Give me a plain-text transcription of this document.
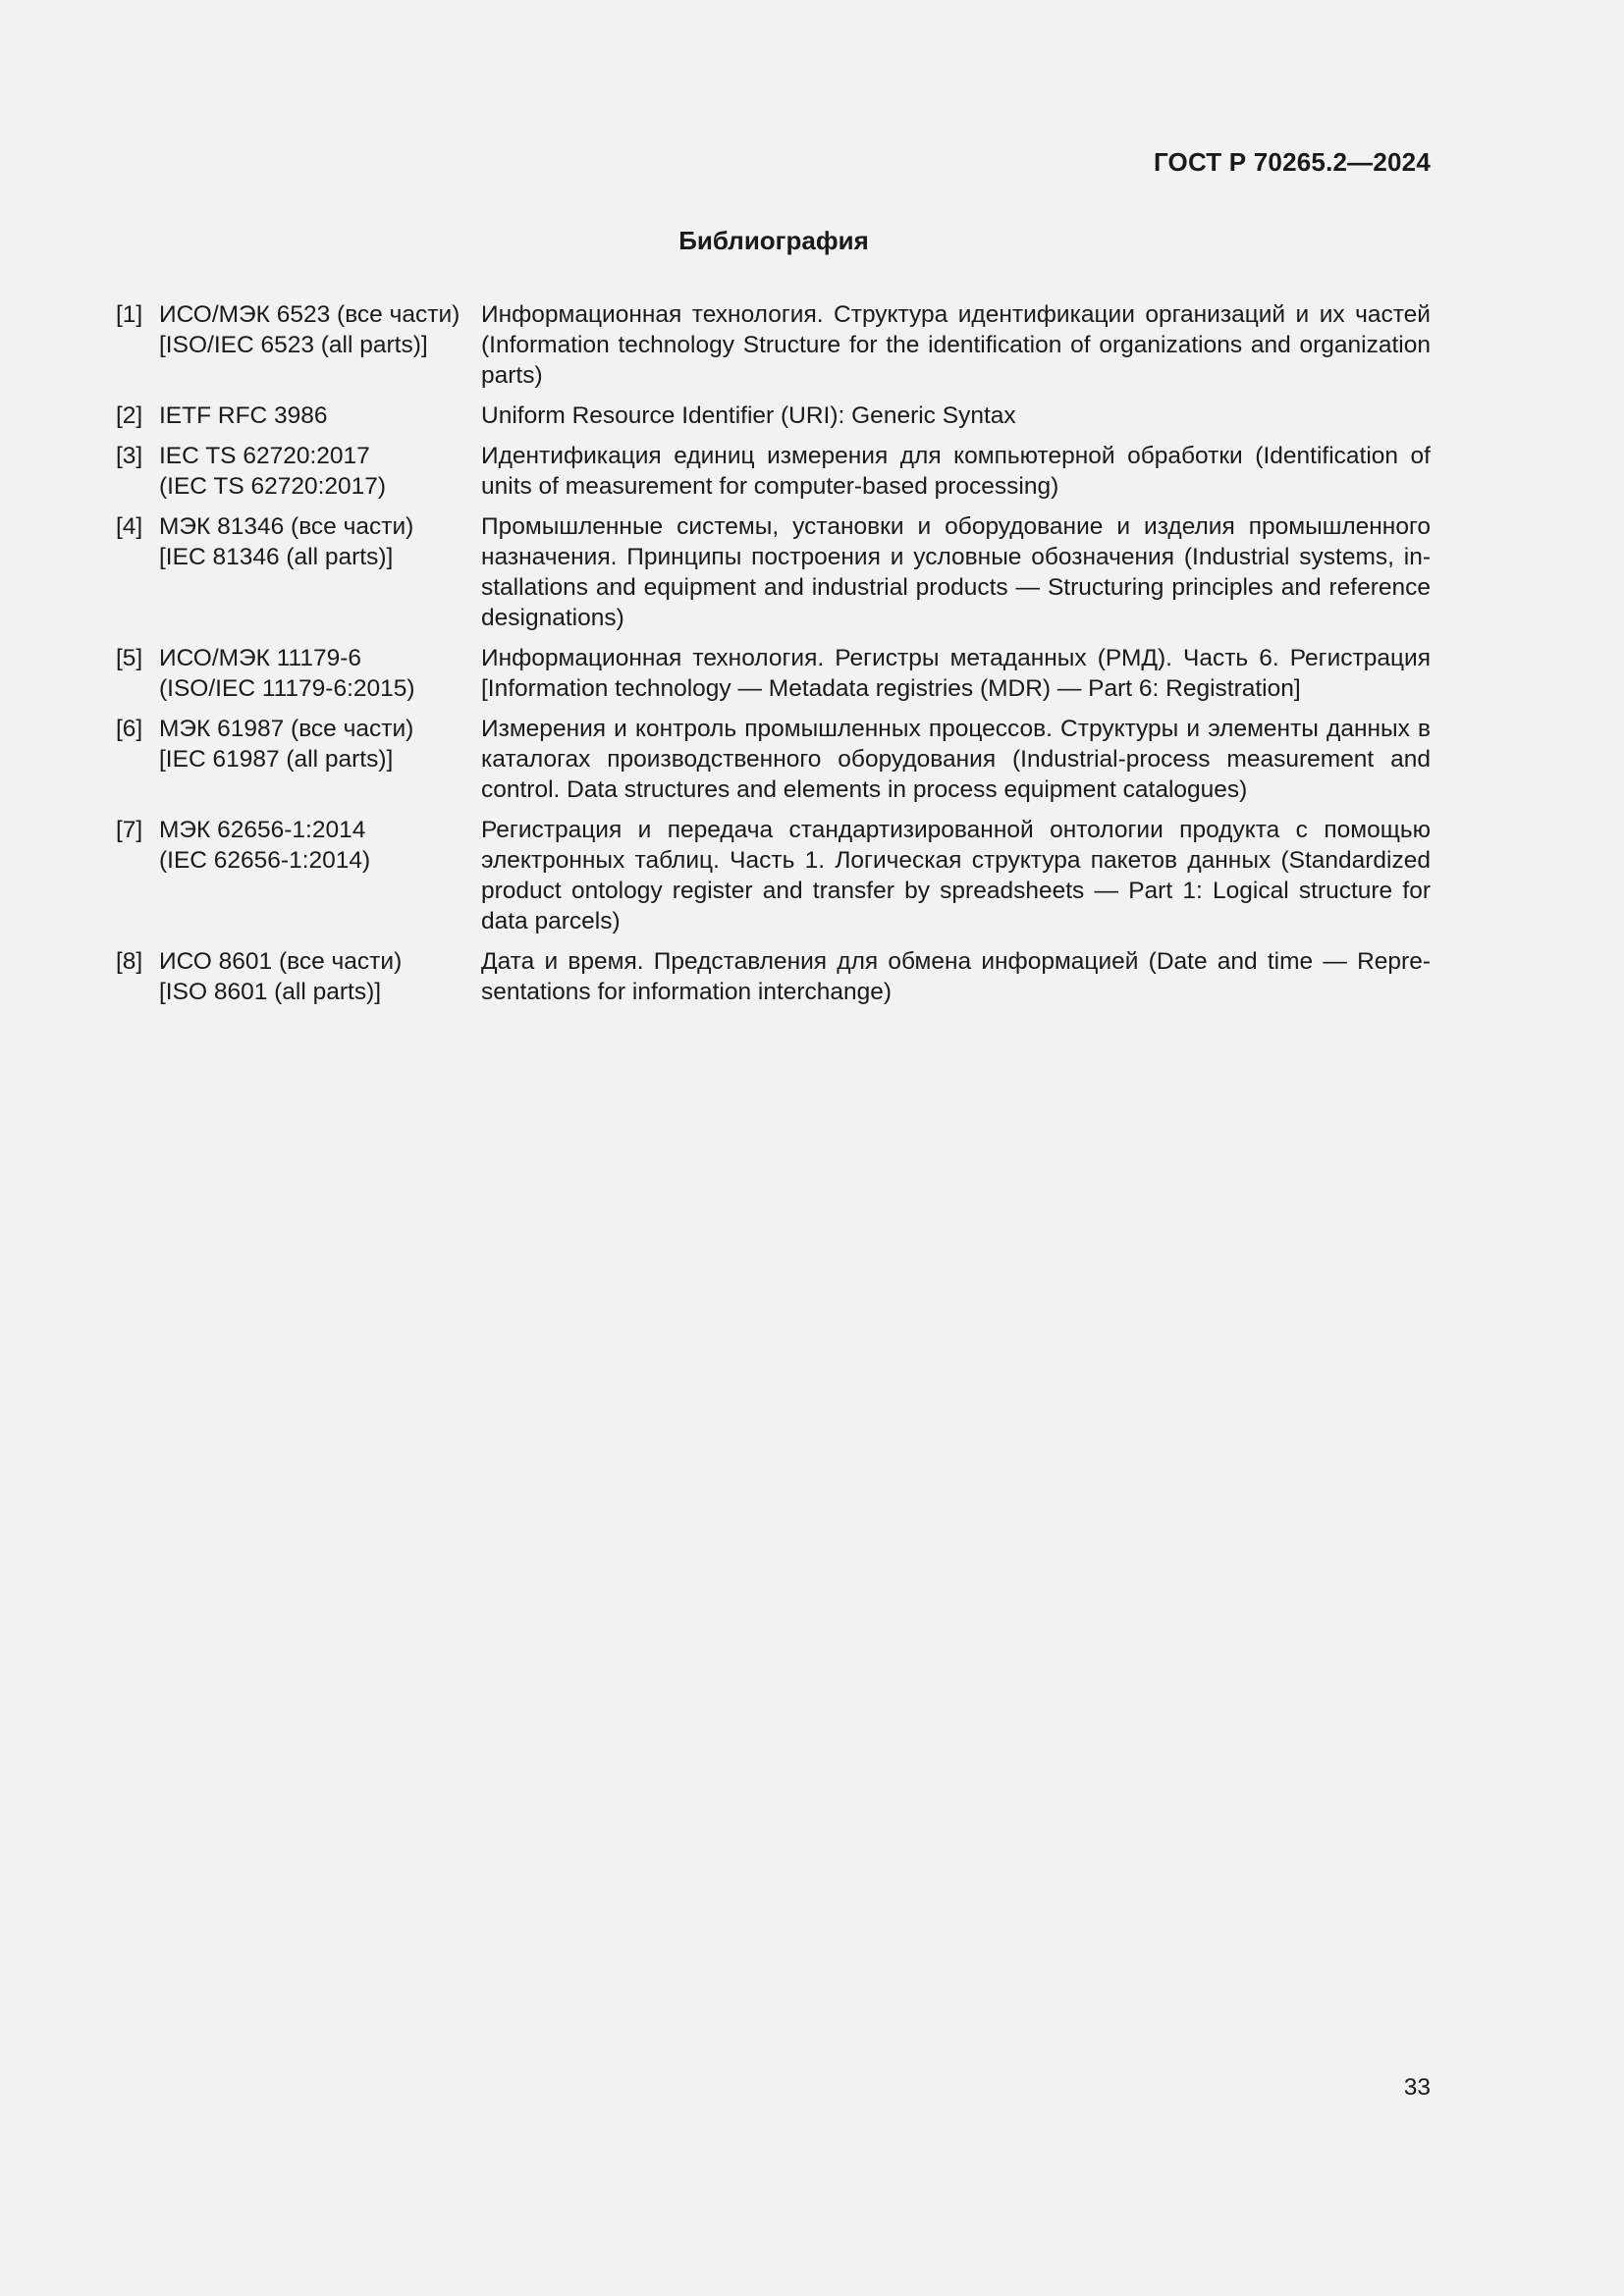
ГОСТ Р 70265.2—2024
Библиография
[1] ИСО/МЭК 6523 (все части)
[ISO/IEC 6523 (all parts)]
Информационная технология. Структура идентификации организаций и их частей (Information technology Structure for the identification of organizations and organization parts)
[2] IETF RFC 3986	Uniform Resource Identifier (URI): Generic Syntax
[3] IEC TS 62720:2017
(IEC TS 62720:2017)
Идентификация единиц измерения для компьютерной обработки (Identification of units of measurement for computer-based processing)
[4] МЭК 81346 (все части)
[IEC 81346 (all parts)]
Промышленные системы, установки и оборудование и изделия промышленного назначения. Принципы построения и условные обозначения (Industrial systems, installations and equipment and industrial products — Structuring principles and reference designations)
[5] ИСО/МЭК 11179-6
(ISO/IEC 11179-6:2015)
Информационная технология. Регистры метаданных (РМД). Часть 6. Регистрация [Information technology — Metadata registries (MDR) — Part 6: Registration]
[6] МЭК 61987 (все части)
[IEC 61987 (all parts)]
Измерения и контроль промышленных процессов. Структуры и элементы данных в каталогах производственного оборудования (Industrial-process measurement and control. Data structures and elements in process equipment catalogues)
[7] МЭК 62656-1:2014
(IEC 62656-1:2014)
Регистрация и передача стандартизированной онтологии продукта с помощью электронных таблиц. Часть 1. Логическая структура пакетов данных (Standardized product ontology register and transfer by spreadsheets — Part 1: Logical structure for data parcels)
[8] ИСО 8601 (все части)
[ISO 8601 (all parts)]
Дата и время. Представления для обмена информацией (Date and time — Representations for information interchange)
33
